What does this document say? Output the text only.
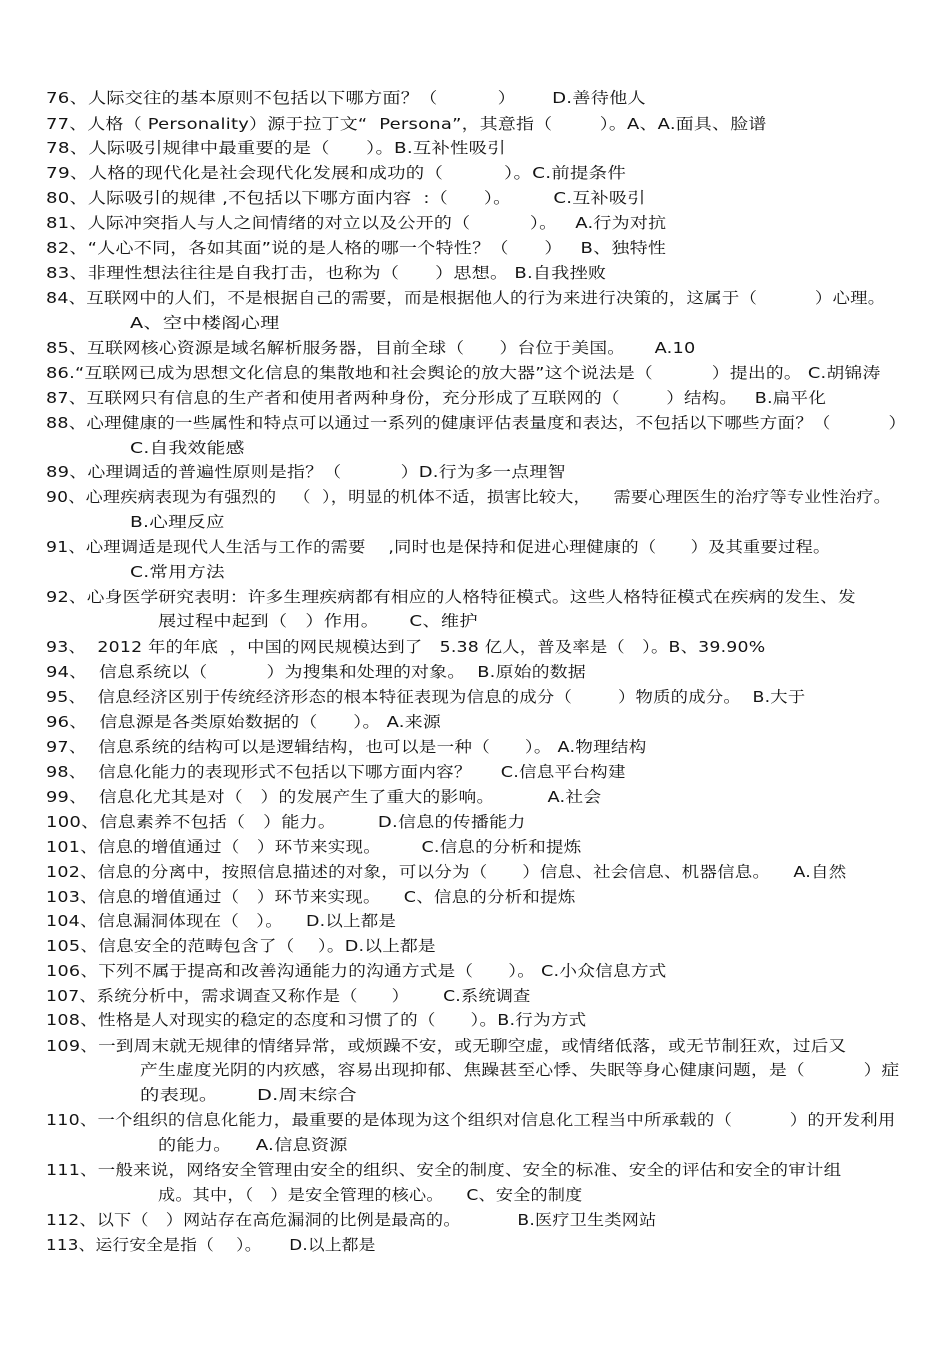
76、人际交往的基本原则不包括以下哪方面？（          ）      D.善待他人
77、人格（ Personality）源于拉丁文“  Persona”，其意指（        ）。A、A.面具、脸谱
78、人际吸引规律中最重要的是（      ）。B.互补性吸引
79、人格的现代化是社会现代化发展和成功的（          ）。C.前提条件
80、人际吸引的规律 ,不包括以下哪方面内容  :（      ）。       C.互补吸引
81、人际冲突指人与人之间情绪的对立以及公开的（          ）。   A.行为对抗
82、“人心不同，各如其面”说的是人格的哪一个特性？（      ）   B、独特性
83、非理性想法往往是自我打击，也称为（      ）思想。 B.自我挫败
84、互联网中的人们，不是根据自己的需要，而是根据他人的行为来进行决策的，这属于（          ）心理。
A、空中楼阁心理
85、互联网核心资源是域名解析服务器，目前全球（      ）台位于美国。     A.10
86.“互联网已成为思想文化信息的集散地和社会舆论的放大器”这个说法是（          ）提出的。 C.胡锦涛
87、互联网只有信息的生产者和使用者两种身份，充分形成了互联网的（        ）结构。   B.扁平化
88、心理健康的一些属性和特点可以通过一系列的健康评估表量度和表达，不包括以下哪些方面？（          ）
C.自我效能感
89、心理调适的普遍性原则是指？（          ）D.行为多一点理智
90、心理疾病表现为有强烈的   （  ），明显的机体不适，损害比较大，    需要心理医生的治疗等专业性治疗。
B.心理反应
91、心理调适是现代人生活与工作的需要    ,同时也是保持和促进心理健康的（      ）及其重要过程。
C.常用方法
92、心身医学研究表明：许多生理疾病都有相应的人格特征模式。这些人格特征模式在疾病的发生、发
展过程中起到（   ）作用。     C、维护
93、  2012 年的年底  ，中国的网民规模达到了   5.38 亿人，普及率是（   ）。B、39.90%
94、  信息系统以（          ）为搜集和处理的对象。  B.原始的数据
95、  信息经济区别于传统经济形态的根本特征表现为信息的成分（        ）物质的成分。  B.大于
96、  信息源是各类原始数据的（      ）。 A.来源
97、  信息系统的结构可以是逻辑结构，也可以是一种（      ）。 A.物理结构
98、  信息化能力的表现形式不包括以下哪方面内容？     C.信息平台构建
99、  信息化尤其是对（   ）的发展产生了重大的影响。         A.社会
100、信息素养不包括（   ）能力。       D.信息的传播能力
101、信息的增值通过（   ）环节来实现。       C.信息的分析和提炼
102、信息的分离中，按照信息描述的对象，可以分为（      ）信息、社会信息、机器信息。    A.自然
103、信息的增值通过（   ）环节来实现。    C、信息的分析和提炼
104、信息漏洞体现在（   ）。    D.以上都是
105、信息安全的范畴包含了（    ）。D.以上都是
106、下列不属于提高和改善沟通能力的沟通方式是（      ）。 C.小众信息方式
107、系统分析中，需求调查又称作是（      ）      C.系统调查
108、性格是人对现实的稳定的态度和习惯了的（      ）。B.行为方式
109、一到周末就无规律的情绪异常，或烦躁不安，或无聊空虚，或情绪低落，或无节制狂欢，过后又
产生虚度光阴的内疚感，容易出现抑郁、焦躁甚至心悸、失眠等身心健康问题，是（          ）症
的表现。      D.周末综合
110、一个组织的信息化能力，最重要的是体现为这个组织对信息化工程当中所承载的（          ）的开发利用
的能力。    A.信息资源
111、一般来说，网络安全管理由安全的组织、安全的制度、安全的标准、安全的评估和安全的审计组
成。其中，（   ）是安全管理的核心。    C、安全的制度
112、以下（   ）网站存在高危漏洞的比例是最高的。          B.医疗卫生类网站
113、运行安全是指（    ）。     D.以上都是
